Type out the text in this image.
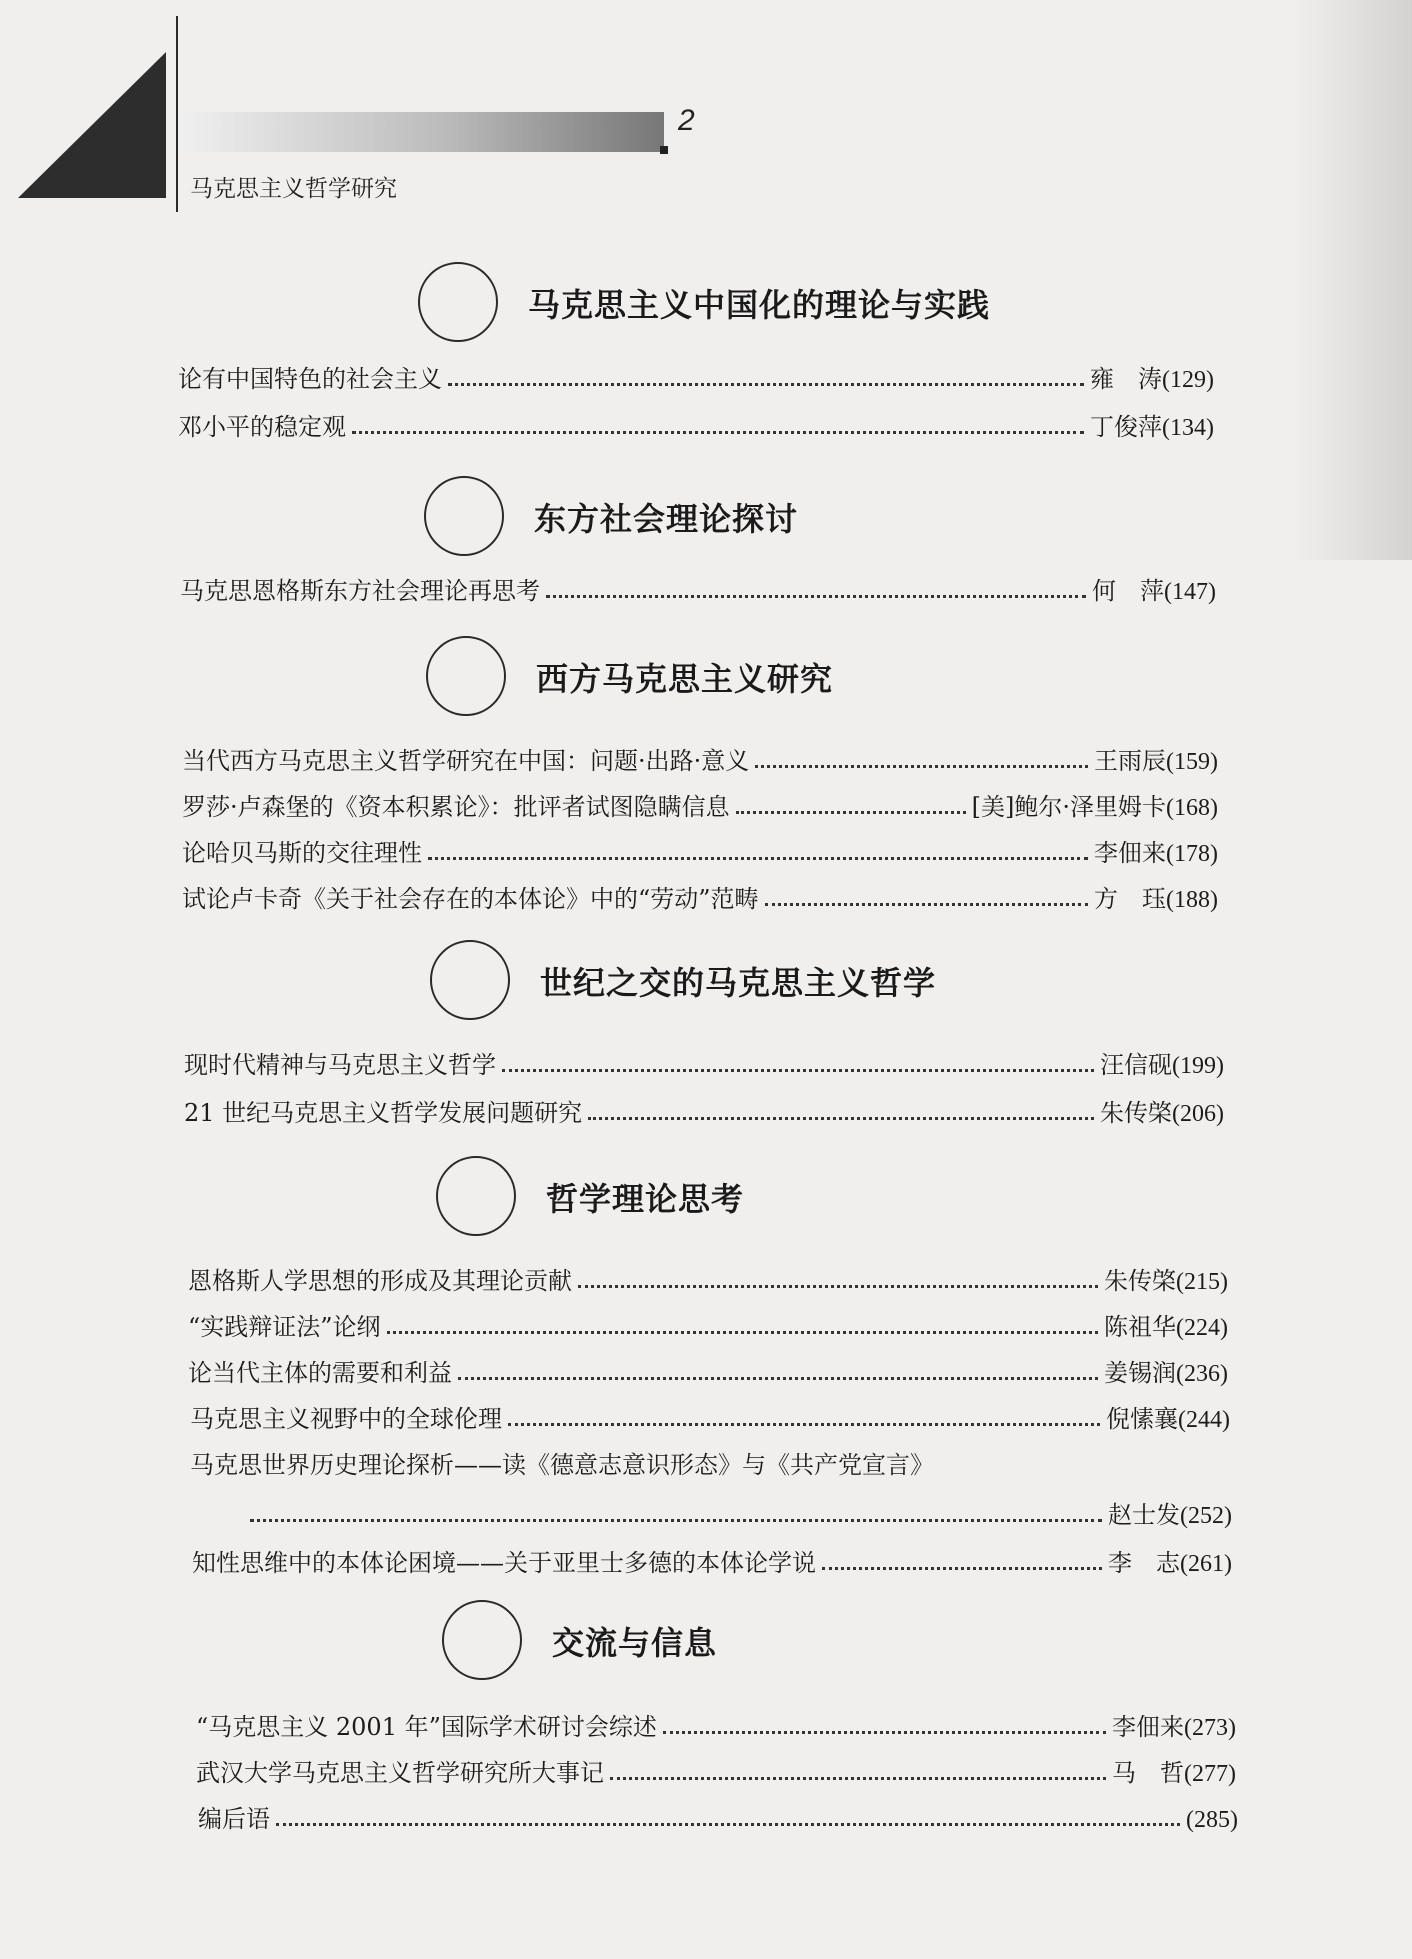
2
马克思主义哲学研究
马克思主义中国化的理论与实践
论有中国特色的社会主义	雍　涛 (129)
邓小平的稳定观	丁俊萍 (134)
东方社会理论探讨
马克思恩格斯东方社会理论再思考	何　萍 (147)
西方马克思主义研究
当代西方马克思主义哲学研究在中国：问题·出路·意义	王雨辰 (159)
罗莎·卢森堡的《资本积累论》：批评者试图隐瞒信息	[美]鲍尔·泽里姆卡 (168)
论哈贝马斯的交往理性	李佃来 (178)
试论卢卡奇《关于社会存在的本体论》中的“劳动”范畴	方　珏 (188)
世纪之交的马克思主义哲学
现时代精神与马克思主义哲学	汪信砚 (199)
21 世纪马克思主义哲学发展问题研究	朱传棨 (206)
哲学理论思考
恩格斯人学思想的形成及其理论贡献	朱传棨 (215)
“实践辩证法”论纲	陈祖华 (224)
论当代主体的需要和利益	姜锡润 (236)
马克思主义视野中的全球伦理	倪愫襄 (244)
马克思世界历史理论探析——读《德意志意识形态》与《共产党宣言》
赵士发 (252)
知性思维中的本体论困境——关于亚里士多德的本体论学说	李　志 (261)
交流与信息
“马克思主义 2001 年”国际学术研讨会综述	李佃来 (273)
武汉大学马克思主义哲学研究所大事记	马　哲 (277)
编后语	(285)
